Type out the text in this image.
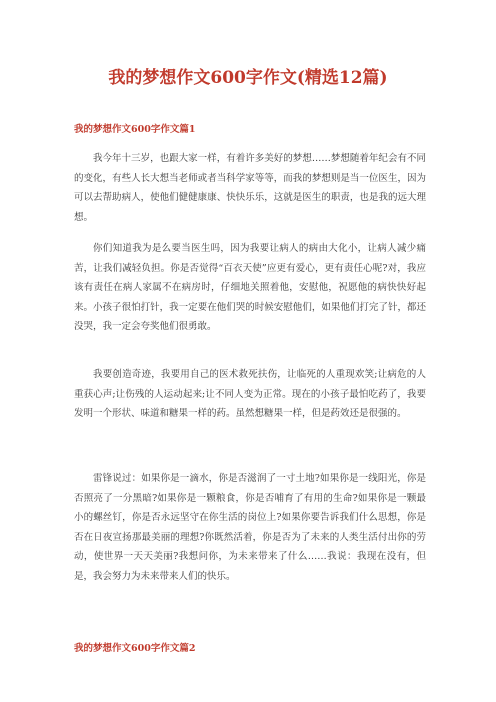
我的梦想作文600字作文(精选12篇)
我的梦想作文600字作文篇1

我今年十三岁，也跟大家一样，有着许多美好的梦想……梦想随着年纪会有不同的变化，有些人长大想当老师或者当科学家等等，而我的梦想则是当一位医生，因为可以去帮助病人，使他们健健康康、快快乐乐，这就是医生的职责，也是我的远大理想。

你们知道我为是么要当医生吗，因为我要让病人的病由大化小，让病人减少痛苦，让我们减轻负担。你是否觉得“百衣天使”应更有爱心，更有责任心呢?对，我应该有责任在病人家属不在病房时，仔细地关照着他，安慰他，祝愿他的病快快好起来。小孩子很怕打针，我一定要在他们哭的时候安慰他们，如果他们打完了针，都还没哭，我一定会夸奖他们很勇敢。

我要创造奇迹，我要用自己的医术救死扶伤，让临死的人重现欢笑;让病危的人重获心声;让伤残的人运动起来;让不同人变为正常。现在的小孩子最怕吃药了，我要发明一个形状、味道和糖果一样的药。虽然想糖果一样，但是药效还是很强的。

雷锋说过：如果你是一滴水，你是否滋润了一寸土地?如果你是一线阳光，你是否照亮了一分黑暗?如果你是一颗粮食，你是否哺育了有用的生命?如果你是一颗最小的螺丝钉，你是否永远坚守在你生活的岗位上?如果你要告诉我们什么思想，你是否在日夜宣扬那最美丽的理想?你既然活着，你是否为了未来的人类生活付出你的劳动，使世界一天天美丽?我想问你，为未来带来了什么……我说：我现在没有，但是，我会努力为未来带来人们的快乐。

我的梦想作文600字作文篇2
